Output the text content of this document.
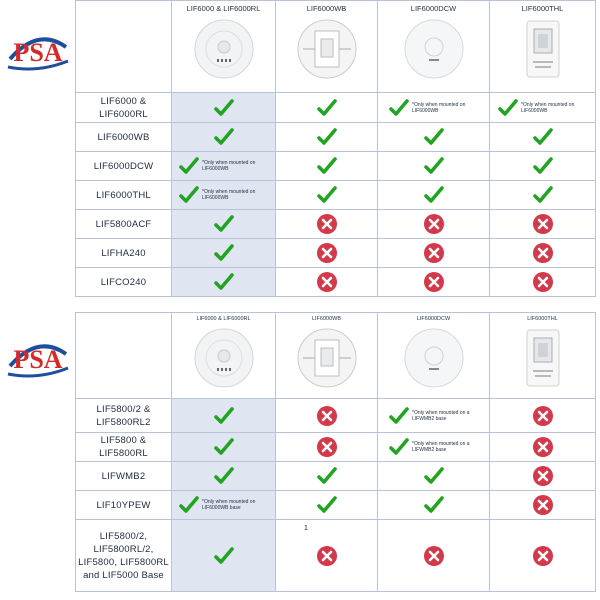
PSA
PSA

	LIF6000 & LIF6000RL	LIF6000WB	LIF6000DCW	LIF6000THL

LIF6000 & LIF6000RL			*Only when mounted on LIF6000WB	*Only when mounted on LIF6000WB

LIF6000WB	

LIF6000DCW	*Only when mounted on LIF6000WB

LIF6000THL	*Only when mounted on LIF6000WB

LIF5800ACF	

LIFHA240	

LIFCO240	

	LIF6000 & LIF6000RL	LIF6000WB	LIF6000DCW	LIF6000THL

LIF5800/2 & LIF5800RL2			*Only when mounted on a LIFWMB2 base

LIF5800 & LIF5800RL			*Only when mounted on a LIFWMB2 base

LIFWMB2	

LIF10YPEW	*Only when mounted on LIF6000WB base

LIF5800/2, LIF5800RL/2, LIF5800, LIF5800RL and LIF5000 Base		1
